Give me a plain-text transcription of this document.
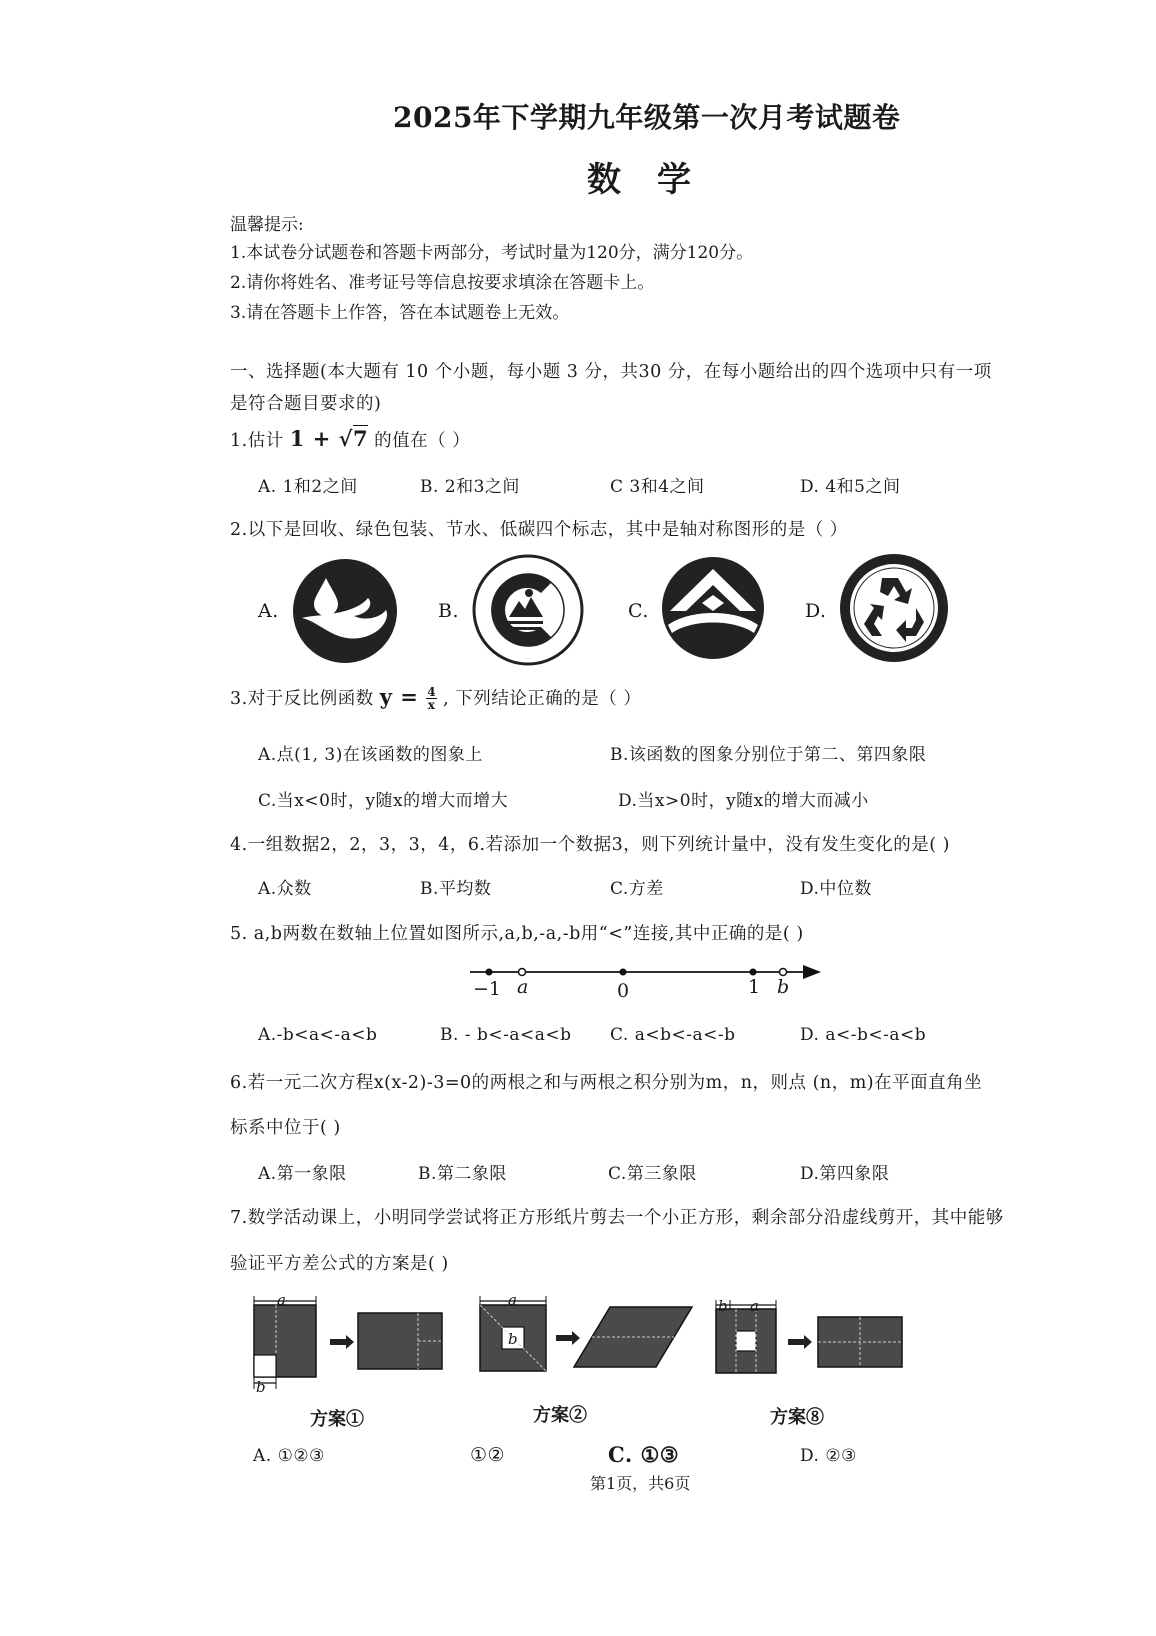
2025年下学期九年级第一次月考试题卷
数学
温馨提示:
1.本试卷分试题卷和答题卡两部分，考试时量为120分，满分120分。
2.请你将姓名、准考证号等信息按要求填涂在答题卡上。
3.请在答题卡上作答，答在本试题卷上无效。
一、选择题(本大题有 10 个小题，每小题 3 分，共30 分，在每小题给出的四个选项中只有一项
是符合题目要求的)
1.估计 1 + √7 的值在（ ）
A. 1和2之间	B. 2和3之间	C 3和4之间	D. 4和5之间
2.以下是回收、绿色包装、节水、低碳四个标志，其中是轴对称图形的是（ ）
A.	B.	C.	D.
3.对于反比例函数 $y = \frac{4}{x}$ , 下列结论正确的是（ ）
A.点(1, 3)在该函数的图象上	B.该函数的图象分别位于第二、第四象限
C.当x<0时，y随x的增大而增大	D.当x>0时，y随x的增大而减小
4.一组数据2，2，3，3，4，6.若添加一个数据3，则下列统计量中，没有发生变化的是( )
A.众数	B.平均数	C.方差	D.中位数
5. a,b两数在数轴上位置如图所示,a,b,-a,-b用“<”连接,其中正确的是( )
−1 a	0	1 b
A.-b<a<-a<b	B. - b<-a<a<b C. a<b<-a<-b	D. a<-b<-a<b
6.若一元二次方程x(x-2)-3=0的两根之和与两根之积分别为m，n，则点 (n，m)在平面直角坐
标系中位于( )
A.第一象限	B.第二象限	C.第三象限	D.第四象限
7.数学活动课上，小明同学尝试将正方形纸片剪去一个小正方形，剩余部分沿虚线剪开，其中能够
验证平方差公式的方案是( )
a
b
a
b
b a
方案①	方案②	方案⑧
A. ①②③	①②	C. ①③	D. ②③
第1页，共6页
